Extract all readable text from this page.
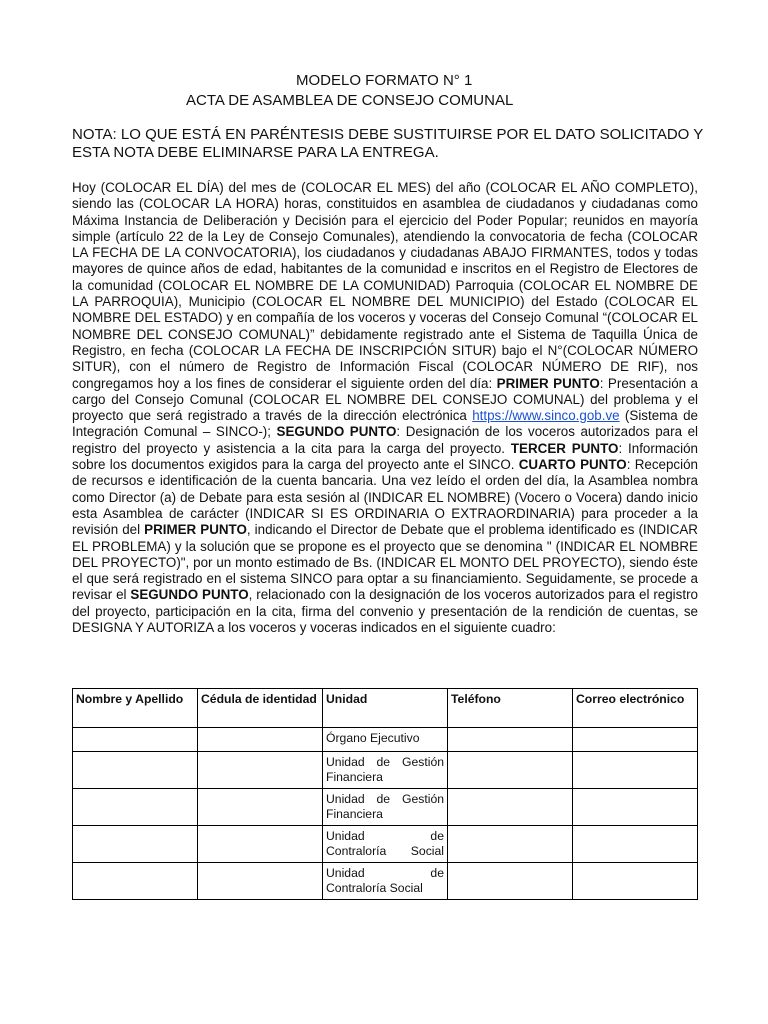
MODELO FORMATO N° 1
ACTA DE ASAMBLEA DE CONSEJO COMUNAL
NOTA: LO QUE ESTÁ EN PARÉNTESIS DEBE SUSTITUIRSE POR EL DATO SOLICITADO Y ESTA NOTA DEBE ELIMINARSE PARA LA ENTREGA.
Hoy (COLOCAR EL DÍA) del mes de (COLOCAR EL MES) del año (COLOCAR EL AÑO COMPLETO), siendo las (COLOCAR LA HORA) horas, constituidos en asamblea de ciudadanos y ciudadanas como Máxima Instancia de Deliberación y Decisión para el ejercicio del Poder Popular; reunidos en mayoría simple (artículo 22 de la Ley de Consejo Comunales), atendiendo la convocatoria de fecha (COLOCAR LA FECHA DE LA CONVOCATORIA), los ciudadanos y ciudadanas ABAJO FIRMANTES, todos y todas mayores de quince años de edad, habitantes de la comunidad e inscritos en el Registro de Electores de la comunidad (COLOCAR EL NOMBRE DE LA COMUNIDAD) Parroquia (COLOCAR EL NOMBRE DE LA PARROQUIA), Municipio (COLOCAR EL NOMBRE DEL MUNICIPIO) del Estado (COLOCAR EL NOMBRE DEL ESTADO) y en compañía de los voceros y voceras del Consejo Comunal “(COLOCAR EL NOMBRE DEL CONSEJO COMUNAL)” debidamente registrado ante el Sistema de Taquilla Única de Registro, en fecha (COLOCAR LA FECHA DE INSCRIPCIÓN SITUR) bajo el N°(COLOCAR NÚMERO SITUR), con el número de Registro de Información Fiscal (COLOCAR NÚMERO DE RIF), nos congregamos hoy a los fines de considerar el siguiente orden del día: PRIMER PUNTO: Presentación a cargo del Consejo Comunal (COLOCAR EL NOMBRE DEL CONSEJO COMUNAL) del problema y el proyecto que será registrado a través de la dirección electrónica https://www.sinco.gob.ve (Sistema de Integración Comunal – SINCO-); SEGUNDO PUNTO: Designación de los voceros autorizados para el registro del proyecto y asistencia a la cita para la carga del proyecto. TERCER PUNTO: Información sobre los documentos exigidos para la carga del proyecto ante el SINCO. CUARTO PUNTO: Recepción de recursos e identificación de la cuenta bancaria. Una vez leído el orden del día, la Asamblea nombra como Director (a) de Debate para esta sesión al (INDICAR EL NOMBRE) (Vocero o Vocera) dando inicio esta Asamblea de carácter (INDICAR SI ES ORDINARIA O EXTRAORDINARIA) para proceder a la revisión del PRIMER PUNTO, indicando el Director de Debate que el problema identificado es (INDICAR EL PROBLEMA) y la solución que se propone es el proyecto que se denomina " (INDICAR EL NOMBRE DEL PROYECTO)", por un monto estimado de Bs. (INDICAR EL MONTO DEL PROYECTO), siendo éste el que será registrado en el sistema SINCO para optar a su financiamiento. Seguidamente, se procede a revisar el SEGUNDO PUNTO, relacionado con la designación de los voceros autorizados para el registro del proyecto, participación en la cita, firma del convenio y presentación de la rendición de cuentas, se DESIGNA Y AUTORIZA a los voceros y voceras indicados en el siguiente cuadro:
Nombre y Apellido	Cédula de identidad	Unidad	Teléfono	Correo electrónico
		Órgano Ejecutivo		
		Unidad de Gestión Financiera		
		Unidad de Gestión Financiera		
		Unidad de Contraloría Social		
		Unidad de Contraloría Social		
